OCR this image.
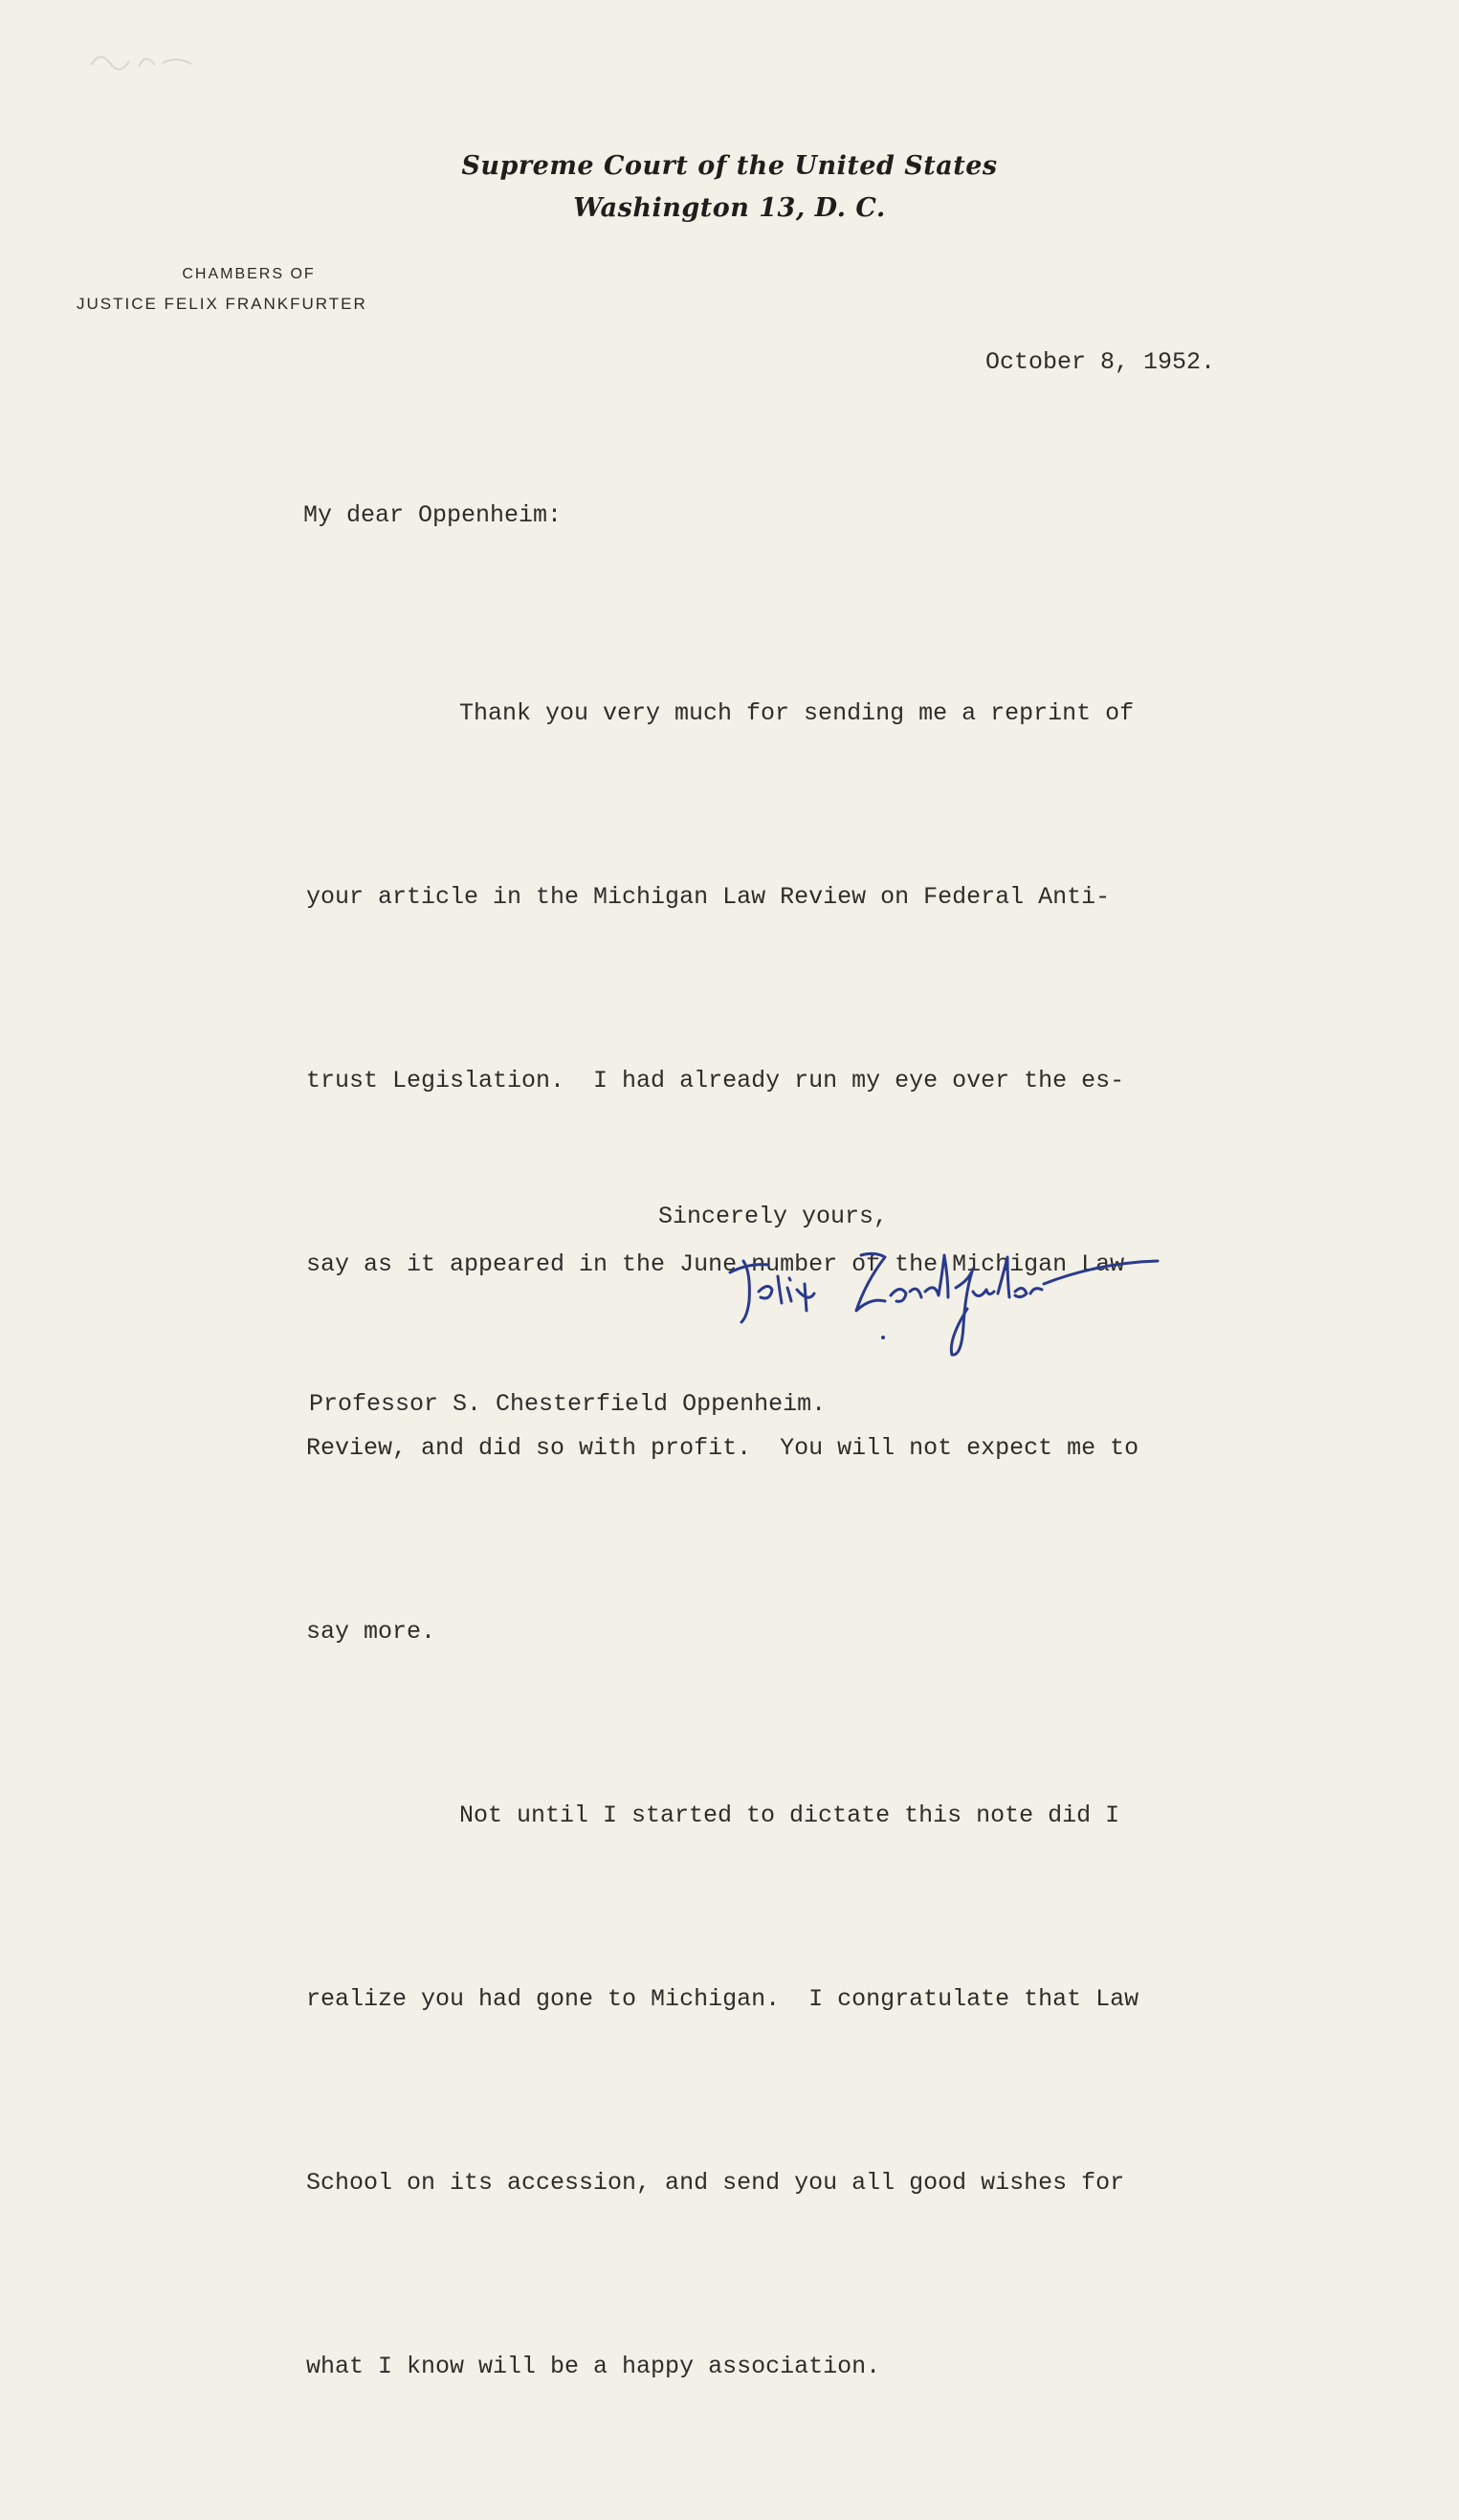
Supreme Court of the United States
Washington 13, D. C.
CHAMBERS OF
JUSTICE FELIX FRANKFURTER
October 8, 1952.
My dear Oppenheim:

Thank you very much for sending me a reprint of

your article in the Michigan Law Review on Federal Anti-

trust Legislation.  I had already run my eye over the es-

say as it appeared in the June number of the Michigan Law

Review, and did so with profit.  You will not expect me to

say more.

Not until I started to dictate this note did I

realize you had gone to Michigan.  I congratulate that Law

School on its accession, and send you all good wishes for

what I know will be a happy association.

Sincerely yours,
Professor S. Chesterfield Oppenheim.
